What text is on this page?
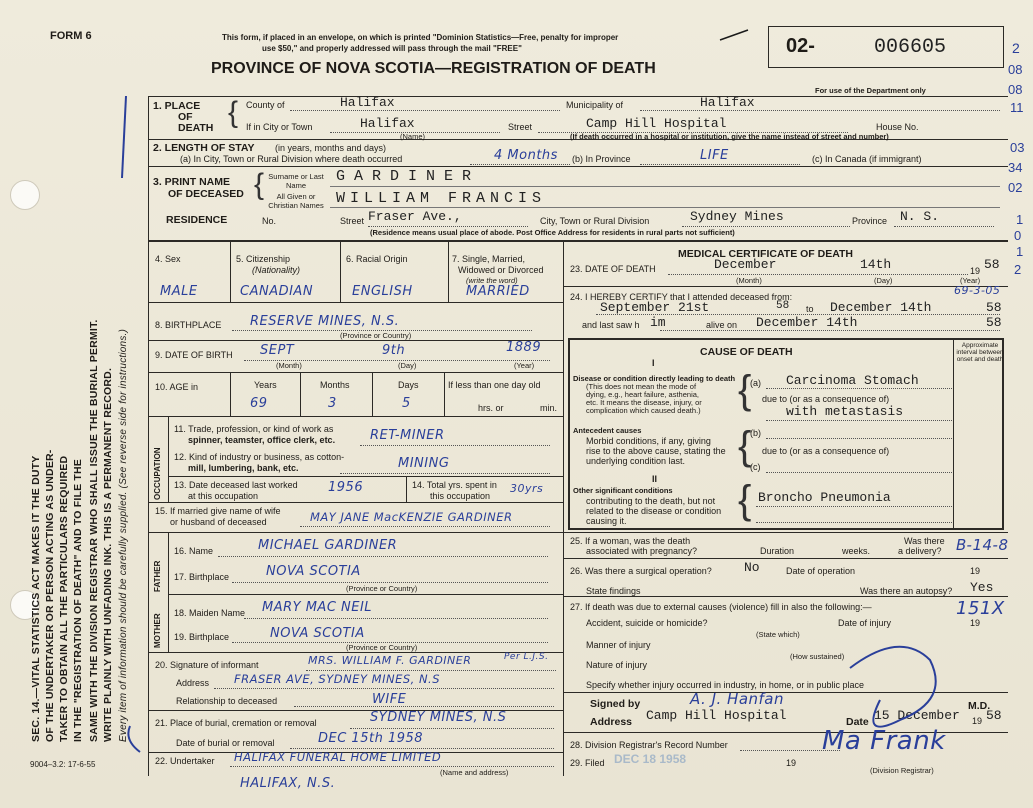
FORM 6	This form, if placed in an envelope, on which is printed "Dominion Statistics—Free, penalty for improper
use $50," and properly addressed will pass through the mail "FREE"
PROVINCE OF NOVA SCOTIA—REGISTRATION OF DEATH
02-	006605
For use of the Department only
2
08
08
11
03
34
02
1
0
1
2
SEC. 14.—VITAL STATISTICS ACT MAKES IT THE DUTY OF THE UNDERTAKER OR PERSON ACTING AS UNDER- TAKER TO OBTAIN ALL THE PARTICULARS REQUIRED IN THE "REGISTRATION OF DEATH" AND TO FILE THE SAME WITH THE DIVISION REGISTRAR WHO SHALL ISSUE THE BURIAL PERMIT. WRITE PLAINLY WITH UNFADING INK. THIS IS A PERMANENT RECORD. Every item of information should be carefully supplied. (See reverse side for instructions.)
1. PLACE
OF
DEATH { County of	Halifax	Municipality of	Halifax
If in City or Town	Halifax
(Name)
Street	Camp Hill Hospital	House No.
(If death occurred in a hospital or institution, give the name instead of street and number)
2. LENGTH OF STAY (in years, months and days)
(a) In City, Town or Rural Division where death occurred	4 Months (b) In Province	LIFE	(c) In Canada (if immigrant)
3. PRINT NAME
OF DECEASED { Surname or Last Name
All Given or Christian Names
GARDINER
WILLIAM FRANCIS
RESIDENCE	No.	Street Fraser Ave.,	City, Town or Rural Division	Sydney Mines	Province N. S.
(Residence means usual place of abode. Post Office Address for residents in rural parts not sufficient)
4. Sex	5. Citizenship
(Nationality)
6. Racial Origin	7. Single, Married,
Widowed or Divorced
(write the word)
MALE	CANADIAN	ENGLISH	MARRIED
8. BIRTHPLACE RESERVE MINES, N.S.
(Province or Country)
9. DATE OF BIRTH SEPT	9th	1889
(Month)	(Day)	(Year)
10. AGE in	Years	Months	Days	If less than one day old
69	3	5	hrs. or	min.
OCCUPATION
11. Trade, profession, or kind of work as
spinner, teamster, office clerk, etc.	RET-MINER
12. Kind of industry or business, as cotton-
mill, lumbering, bank, etc.	MINING
13. Date deceased last worked
at this occupation
1956	14. Total yrs. spent in
this occupation
30yrs
15. If married give name of wife
or husband of deceased	MAY JANE MacKENZIE GARDINER
FATHER
MOTHER
16. Name	MICHAEL GARDINER
17. Birthplace	NOVA SCOTIA
(Province or Country)
18. Maiden Name MARY MAC NEIL
19. Birthplace	NOVA SCOTIA
(Province or Country)
20. Signature of informant	MRS. WILLIAM F. GARDINER	Per L.J.S.
Address FRASER AVE, SYDNEY MINES, N.S
Relationship to deceased	WIFE
21. Place of burial, cremation or removal	SYDNEY MINES, N.S
Date of burial or removal	DEC 15th 1958
22. Undertaker HALIFAX FUNERAL HOME LIMITED
(Name and address)
HALIFAX, N.S.
9004–3.2: 17-6-55
MEDICAL CERTIFICATE OF DEATH
23. DATE OF DEATH	December	14th	19 58
(Month)	(Day)	(Year)
24. I HEREBY CERTIFY that I attended deceased from:	69-3-05
to
September 21st	58	December 14th	58
and last saw h im	alive on December 14th	58
CAUSE OF DEATH
I
Approximate interval between onset and death
Disease or condition directly leading to death
(This does not mean the mode of
dying, e.g., heart failure, asthenia,
etc. It means the disease, injury, or
complication which caused death.) {
(a) Carcinoma Stomach
due to (or as a consequence of)
with metastasis
Antecedent causes
Morbid conditions, if any, giving
rise to the above cause, stating the
underlying condition last. {
(b)
due to (or as a consequence of)
(c)
II
Other significant conditions
contributing to the death, but not
related to the disease or condition
causing it.	{ Broncho Pneumonia
25. If a woman, was the death
associated with pregnancy?	Duration	weeks.
Was there
a delivery? B-14-8
26. Was there a surgical operation? No	Date of operation	19
State findings	Was there an autopsy? Yes
27. If death was due to external causes (violence) fill in also the following:—	151X
Accident, suicide or homicide?	Date of injury	19
(State which)
Manner of injury
(How sustained)
Nature of injury
Specify whether injury occurred in industry, in home, or in public place
Signed by	A. J. Hanfan	M.D.
Address Camp Hill Hospital	Date 15 December 19 58
28. Division Registrar's Record Number
29. Filed DEC 18 1958	19
Ma Frank
(Division Registrar)
